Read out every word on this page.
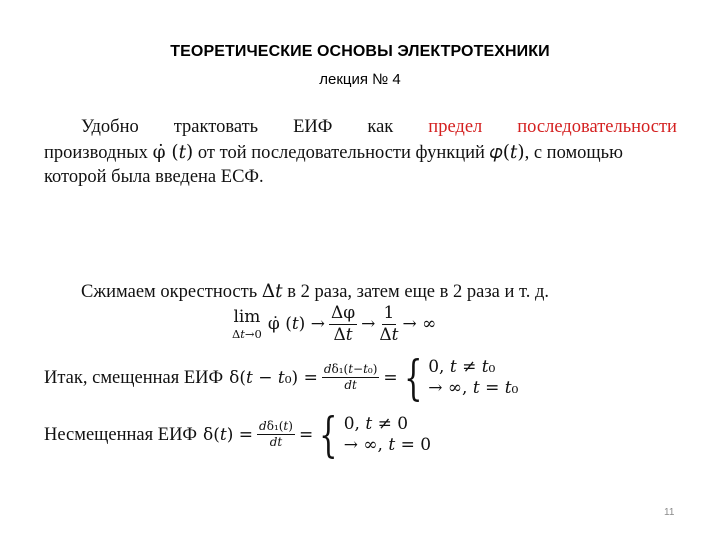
ТЕОРЕТИЧЕСКИЕ ОСНОВЫ ЭЛЕКТРОТЕХНИКИ
лекция № 4
Удобно трактовать ЕИФ как предел последовательности
производных φ̇ (𝑡) от той последовательности функций 𝜑(𝑡), с помощью
которой была введена ЕСФ.
Сжимаем окрестность Δ𝑡 в 2 раза, затем еще в 2 раза и т. д.
lim
Δ𝑡→0 φ̇ (𝑡) → $\frac{\Delta\varphi}{\text{Δ𝑡}} \to \frac{1}{\text{Δ𝑡}}$ → ∞
Итак, смещенная ЕИФ δ(𝑡 − 𝑡₀) = $\frac{\text{𝑑δ₁(𝑡−𝑡₀)}}{\text{𝑑𝑡}}$ = { 0, 𝑡 ≠ 𝑡₀
→ ∞, 𝑡 = 𝑡₀
Несмещенная ЕИФ δ(𝑡) = $\frac{\text{𝑑δ₁(𝑡)}}{\text{𝑑𝑡}}$ = { 0, 𝑡 ≠ 0
→ ∞, 𝑡 = 0
11
